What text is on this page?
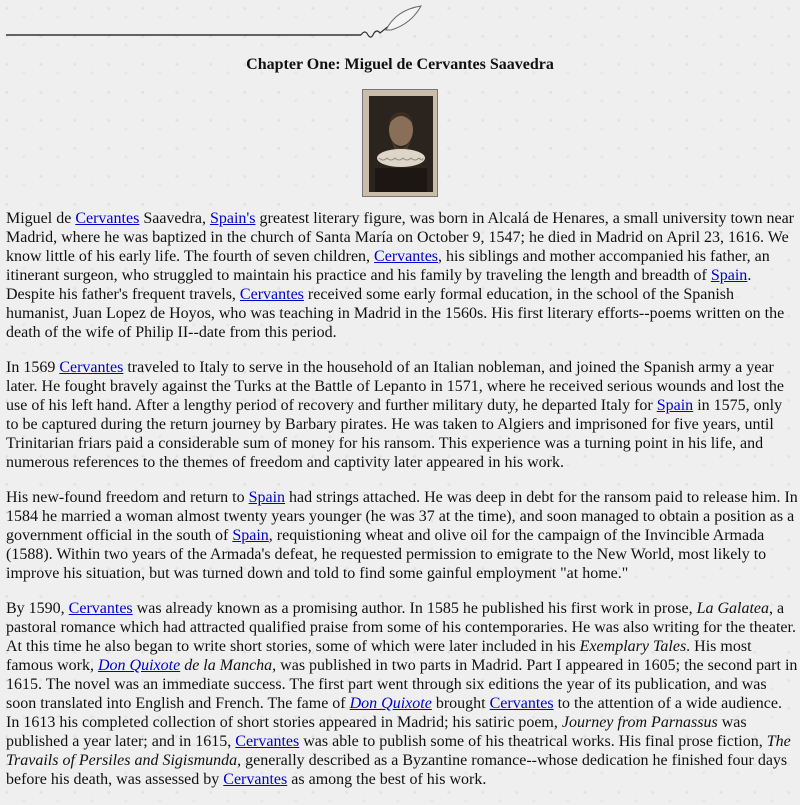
Chapter One: Miguel de Cervantes Saavedra

Miguel de Cervantes Saavedra, Spain's greatest literary figure, was born in Alcalá de Henares, a small university town near Madrid, where he was baptized in the church of Santa María on October 9, 1547; he died in Madrid on April 23, 1616. We know little of his early life. The fourth of seven children, Cervantes, his siblings and mother accompanied his father, an itinerant surgeon, who struggled to maintain his practice and his family by traveling the length and breadth of Spain. Despite his father's frequent travels, Cervantes received some early formal education, in the school of the Spanish humanist, Juan Lopez de Hoyos, who was teaching in Madrid in the 1560s. His first literary efforts--poems written on the death of the wife of Philip II--date from this period.

In 1569 Cervantes traveled to Italy to serve in the household of an Italian nobleman, and joined the Spanish army a year later. He fought bravely against the Turks at the Battle of Lepanto in 1571, where he received serious wounds and lost the use of his left hand. After a lengthy period of recovery and further military duty, he departed Italy for Spain in 1575, only to be captured during the return journey by Barbary pirates. He was taken to Algiers and imprisoned for five years, until Trinitarian friars paid a considerable sum of money for his ransom. This experience was a turning point in his life, and numerous references to the themes of freedom and captivity later appeared in his work.

His new-found freedom and return to Spain had strings attached. He was deep in debt for the ransom paid to release him. In 1584 he married a woman almost twenty years younger (he was 37 at the time), and soon managed to obtain a position as a government official in the south of Spain, requistioning wheat and olive oil for the campaign of the Invincible Armada (1588). Within two years of the Armada's defeat, he requested permission to emigrate to the New World, most likely to improve his situation, but was turned down and told to find some gainful employment "at home."

By 1590, Cervantes was already known as a promising author. In 1585 he published his first work in prose, La Galatea, a pastoral romance which had attracted qualified praise from some of his contemporaries. He was also writing for the theater. At this time he also began to write short stories, some of which were later included in his Exemplary Tales. His most famous work, Don Quixote de la Mancha, was published in two parts in Madrid. Part I appeared in 1605; the second part in 1615. The novel was an immediate success. The first part went through six editions the year of its publication, and was soon translated into English and French. The fame of Don Quixote brought Cervantes to the attention of a wide audience. In 1613 his completed collection of short stories appeared in Madrid; his satiric poem, Journey from Parnassus was published a year later; and in 1615, Cervantes was able to publish some of his theatrical works. His final prose fiction, The Travails of Persiles and Sigismunda, generally described as a Byzantine romance--whose dedication he finished four days before his death, was assessed by Cervantes as among the best of his work.
